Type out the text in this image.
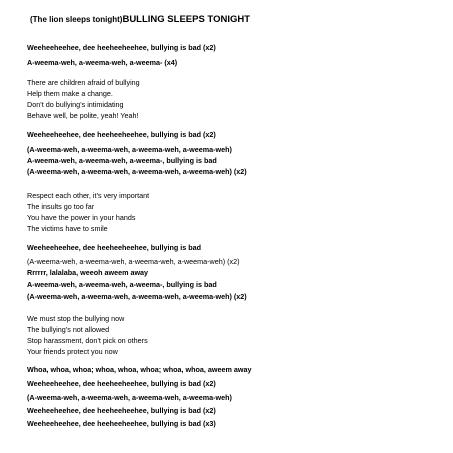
(The lion sleeps tonight)BULLING SLEEPS TONIGHT
Weeheeheehee, dee heeheeheehee, bullying is bad (x2)
A-weema-weh, a-weema-weh, a-weema- (x4)
There are children afraid of bullying
Help them make a change.
Don’t do bullying’s intimidating
Behave well, be polite, yeah! Yeah!
Weeheeheehee, dee heeheeheehee, bullying is bad (x2)
(A-weema-weh, a-weema-weh, a-weema-weh, a-weema-weh)
A-weema-weh, a-weema-weh, a-weema-, bullying is bad
(A-weema-weh, a-weema-weh, a-weema-weh, a-weema-weh) (x2)
Respect each other, it’s very important
The insults go too far
You have the power in your hands
The victims have to smile
Weeheeheehee, dee heeheeheehee, bullying is bad
(A-weema-weh, a-weema-weh, a-weema-weh, a-weema-weh) (x2)
Rrrrrr, lalalaba, weeoh aweem away
A-weema-weh, a-weema-weh, a-weema-, bullying is bad
(A-weema-weh, a-weema-weh, a-weema-weh, a-weema-weh) (x2)
We must stop the bullying now
The bullying’s not allowed
Stop harassment, don’t pick on others
Your friends protect you now
Whoa, whoa, whoa; whoa, whoa, whoa; whoa, whoa, aweem away
Weeheeheehee, dee heeheeheehee, bullying is bad (x2)
(A-weema-weh, a-weema-weh, a-weema-weh, a-weema-weh)
Weeheeheehee, dee heeheeheehee, bullying is bad (x2)
Weeheeheehee, dee heeheeheehee, bullying is bad (x3)
